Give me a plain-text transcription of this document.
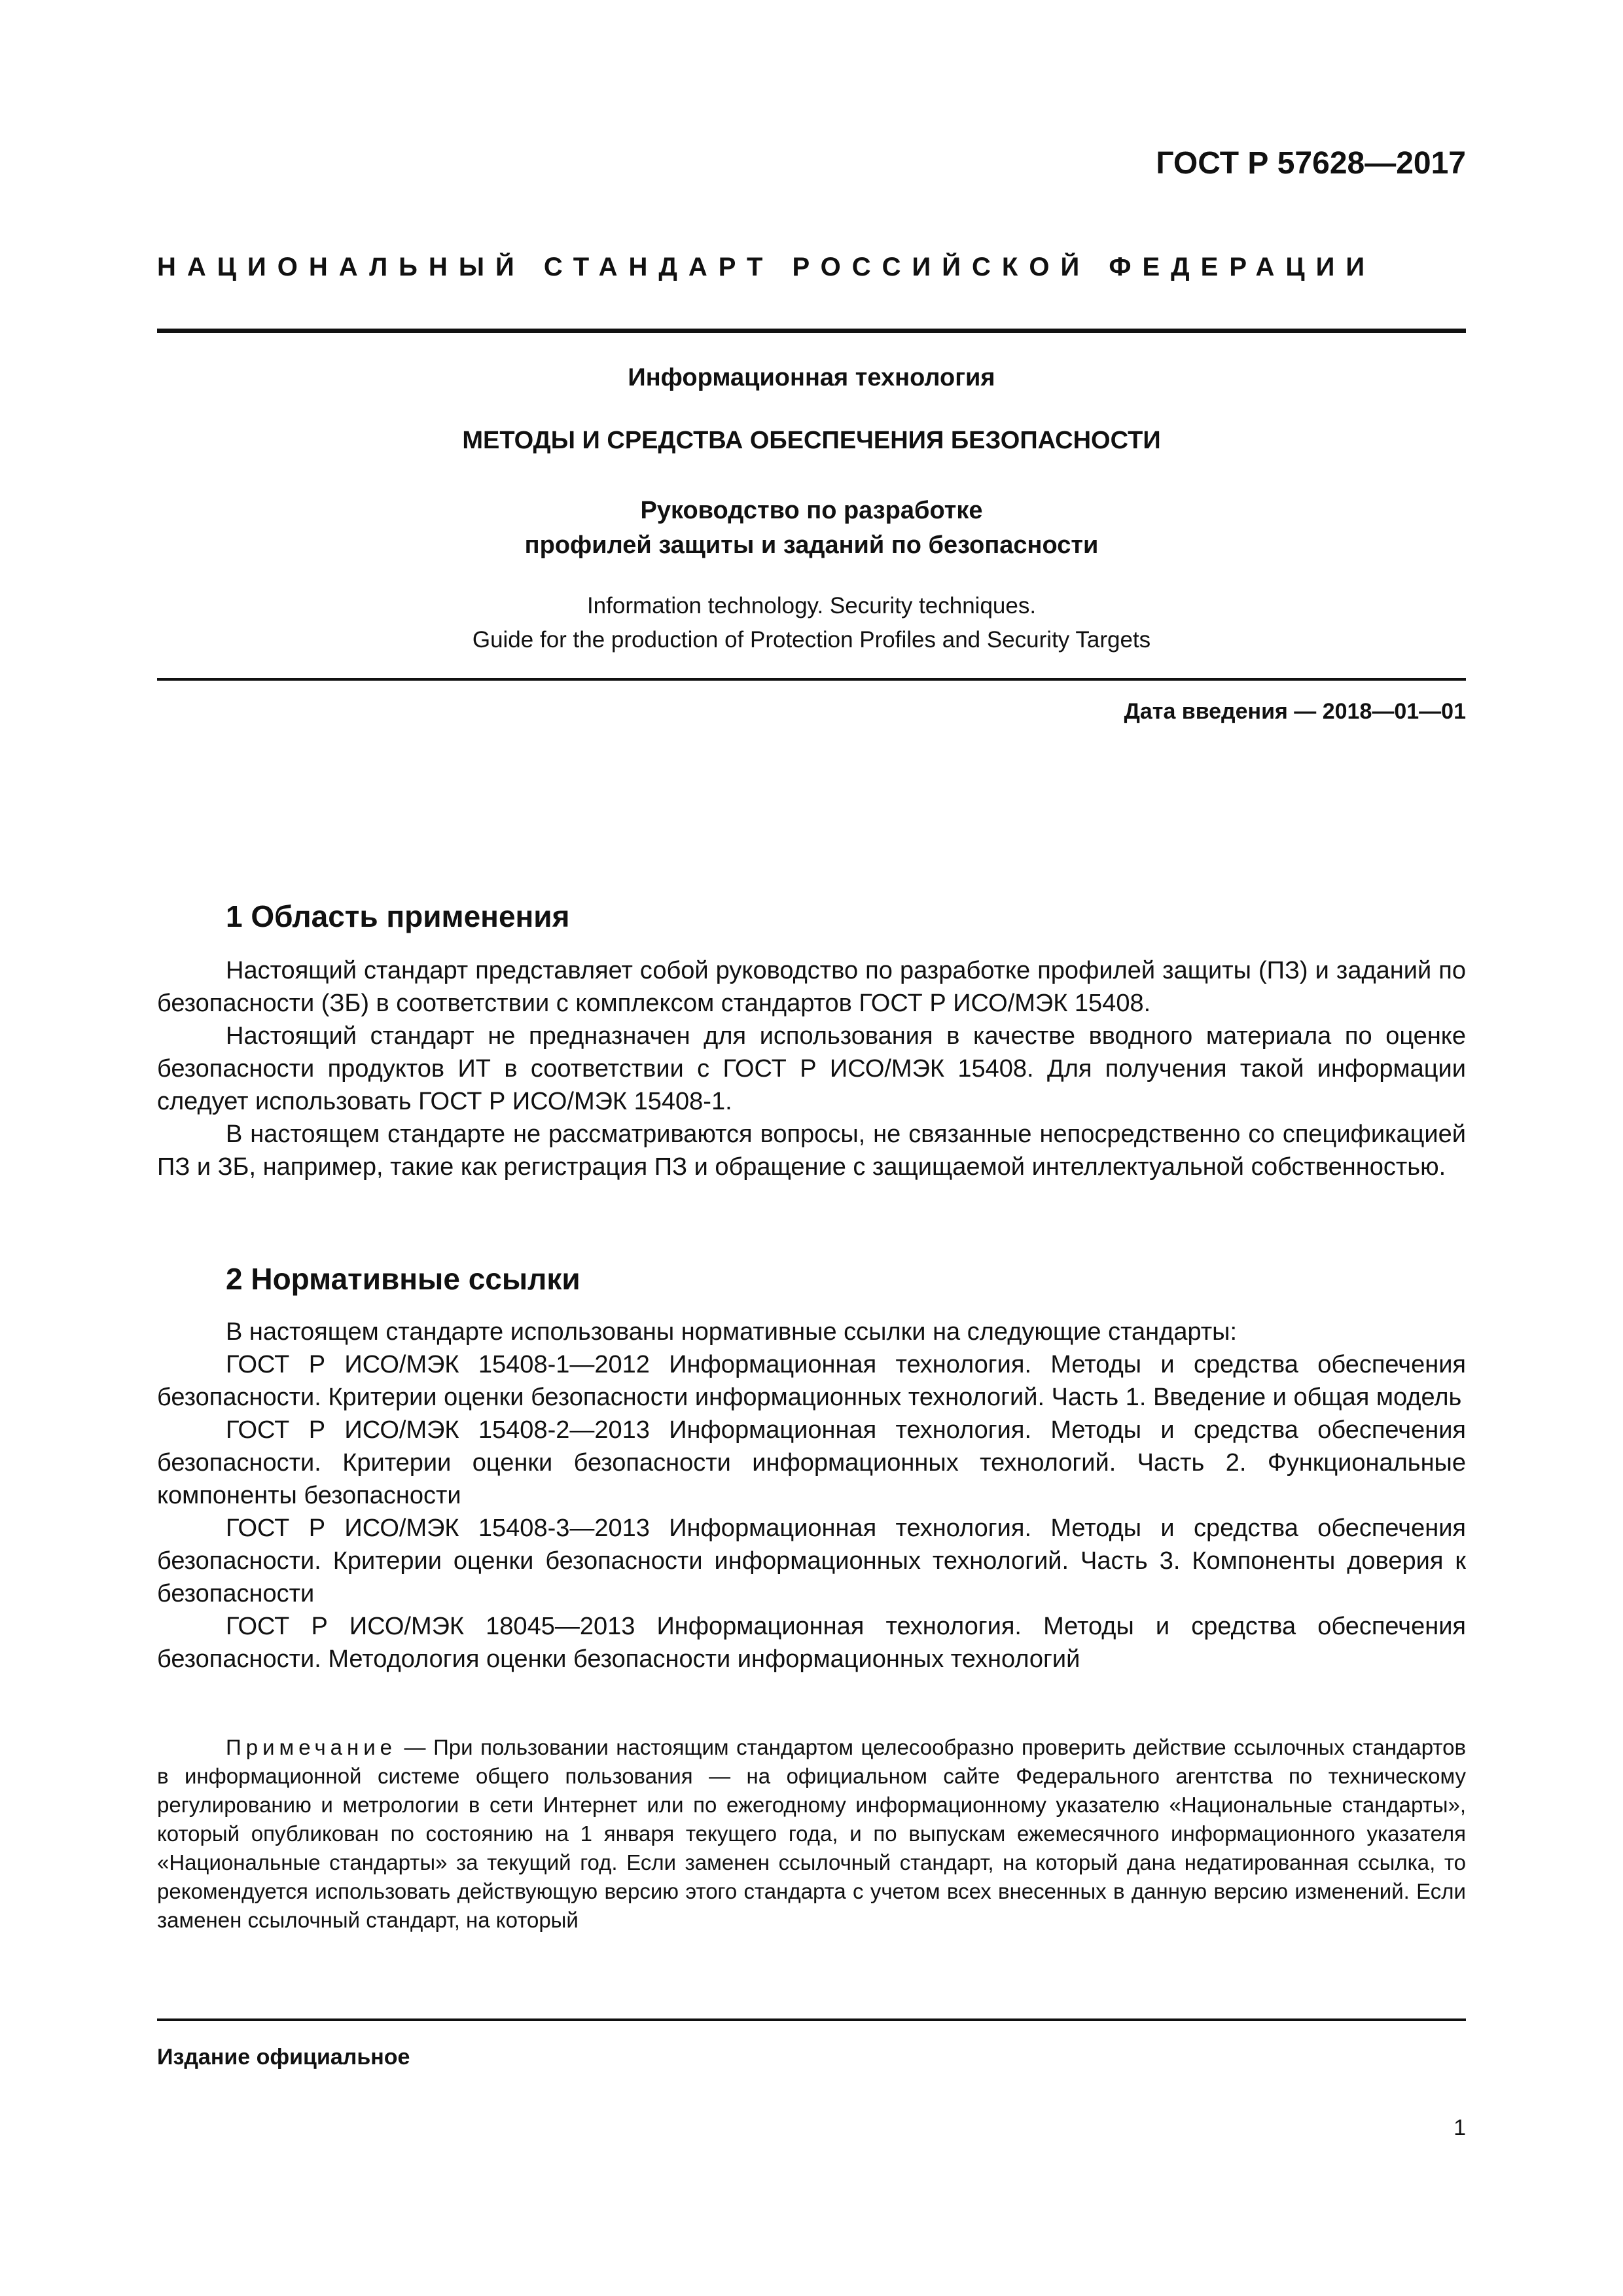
ГОСТ Р 57628—2017
НАЦИОНАЛЬНЫЙ СТАНДАРТ РОССИЙСКОЙ ФЕДЕРАЦИИ
Информационная технология
МЕТОДЫ И СРЕДСТВА ОБЕСПЕЧЕНИЯ БЕЗОПАСНОСТИ
Руководство по разработке
профилей защиты и заданий по безопасности
Information technology. Security techniques.
Guide for the production of Protection Profiles and Security Targets
Дата введения — 2018—01—01
1 Область применения

Настоящий стандарт представляет собой руководство по разработке профилей защиты (ПЗ) и заданий по безопасности (ЗБ) в соответствии с комплексом стандартов ГОСТ Р ИСО/МЭК 15408.

Настоящий стандарт не предназначен для использования в качестве вводного материала по оценке безопасности продуктов ИТ в соответствии с ГОСТ Р ИСО/МЭК 15408. Для получения такой информации следует использовать ГОСТ Р ИСО/МЭК 15408-1.

В настоящем стандарте не рассматриваются вопросы, не связанные непосредственно со спецификацией ПЗ и ЗБ, например, такие как регистрация ПЗ и обращение с защищаемой интеллектуальной собственностью.

2 Нормативные ссылки

В настоящем стандарте использованы нормативные ссылки на следующие стандарты:

ГОСТ Р ИСО/МЭК 15408-1—2012 Информационная технология. Методы и средства обеспечения безопасности. Критерии оценки безопасности информационных технологий. Часть 1. Введение и общая модель

ГОСТ Р ИСО/МЭК 15408-2—2013 Информационная технология. Методы и средства обеспечения безопасности. Критерии оценки безопасности информационных технологий. Часть 2. Функциональные компоненты безопасности

ГОСТ Р ИСО/МЭК 15408-3—2013 Информационная технология. Методы и средства обеспечения безопасности. Критерии оценки безопасности информационных технологий. Часть 3. Компоненты доверия к безопасности

ГОСТ Р ИСО/МЭК 18045—2013 Информационная технология. Методы и средства обеспечения безопасности. Методология оценки безопасности информационных технологий

Примечание — При пользовании настоящим стандартом целесообразно проверить действие ссылочных стандартов в информационной системе общего пользования — на официальном сайте Федерального агентства по техническому регулированию и метрологии в сети Интернет или по ежегодному информационному указателю «Национальные стандарты», который опубликован по состоянию на 1 января текущего года, и по выпускам ежемесячного информационного указателя «Национальные стандарты» за текущий год. Если заменен ссылочный стандарт, на который дана недатированная ссылка, то рекомендуется использовать действующую версию этого стандарта с учетом всех внесенных в данную версию изменений. Если заменен ссылочный стандарт, на который

Издание официальное
1
